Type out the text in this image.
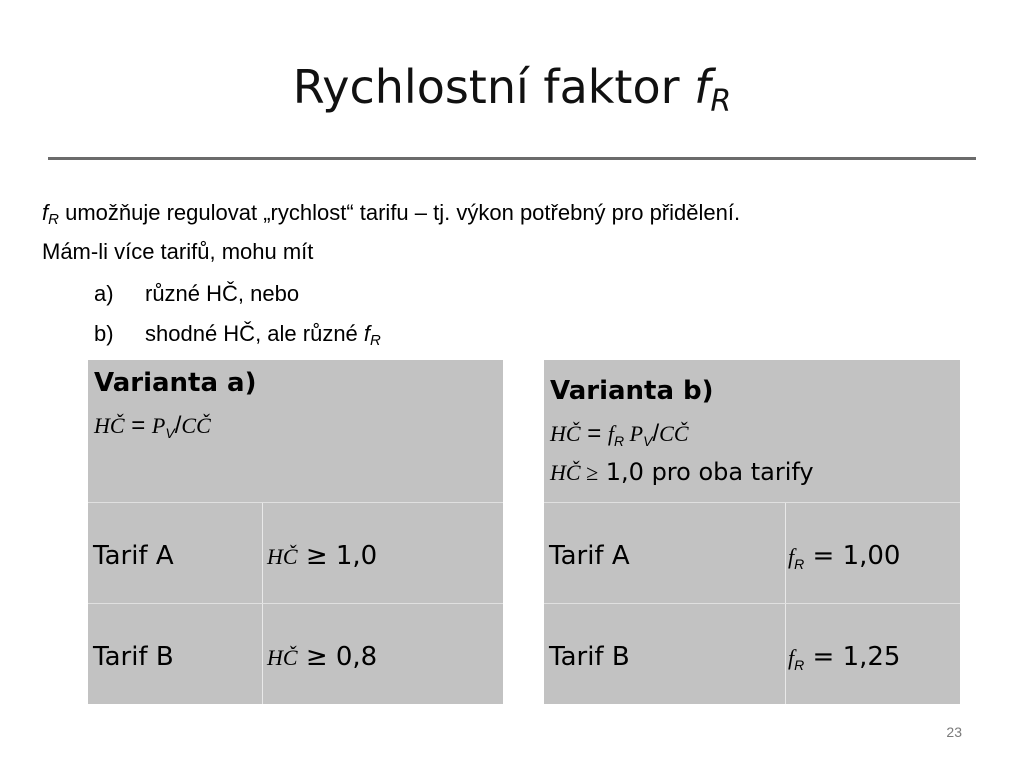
Rychlostní faktor $f_R$
$f_R$ umožňuje regulovat „rychlost“ tarifu – tj. výkon potřebný pro přidělení.
Mám-li více tarifů, mohu mít
a) různé HČ, nebo
b) shodné HČ, ale různé $f_R$
Varianta a)
HČ = $P_V/CČ$
Tarif A	HČ ≥ 1,0
Tarif B	HČ ≥ 0,8
Varianta b)
HČ = $f_R$ $P_V/CČ$
HČ ≥ 1,0 pro oba tarify
Tarif A	$f_R = 1,00$
Tarif B	$f_R = 1,25$
23
